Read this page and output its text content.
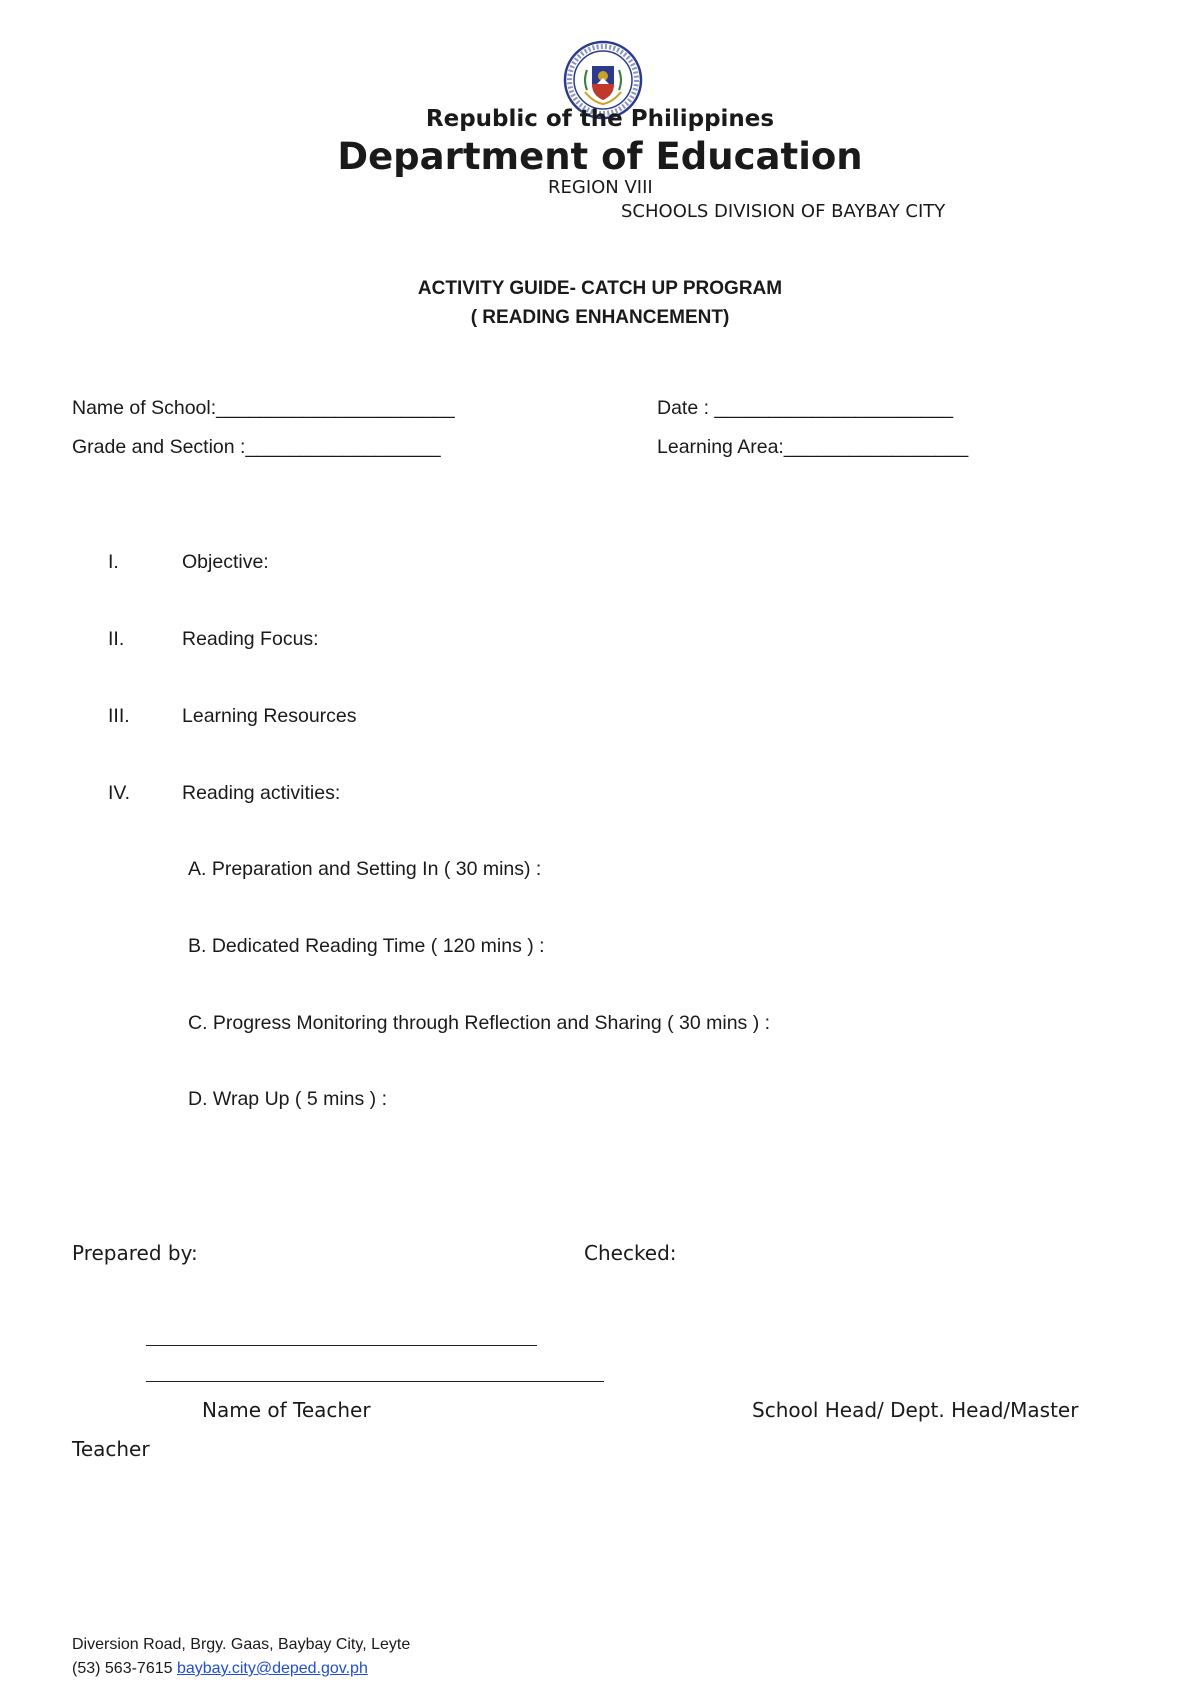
Republic of the Philippines
Department of Education
REGION VIII
SCHOOLS DIVISION OF BAYBAY CITY
ACTIVITY GUIDE- CATCH UP PROGRAM
( READING ENHANCEMENT)
Name of School:______________________	Date : ______________________
Grade and Section :__________________	Learning Area:_________________
I.	Objective:
II.	Reading Focus:
III.	Learning Resources
IV.	Reading activities:
A. Preparation and Setting In ( 30 mins) :
B. Dedicated Reading Time ( 120 mins ) :
C. Progress Monitoring through Reflection and Sharing ( 30 mins ) :
D. Wrap Up ( 5 mins ) :
Prepared by:	Checked:
Name of Teacher	School Head/ Dept. Head/Master
Teacher
Diversion Road, Brgy. Gaas, Baybay City, Leyte
(53) 563-7615 baybay.city@deped.gov.ph
